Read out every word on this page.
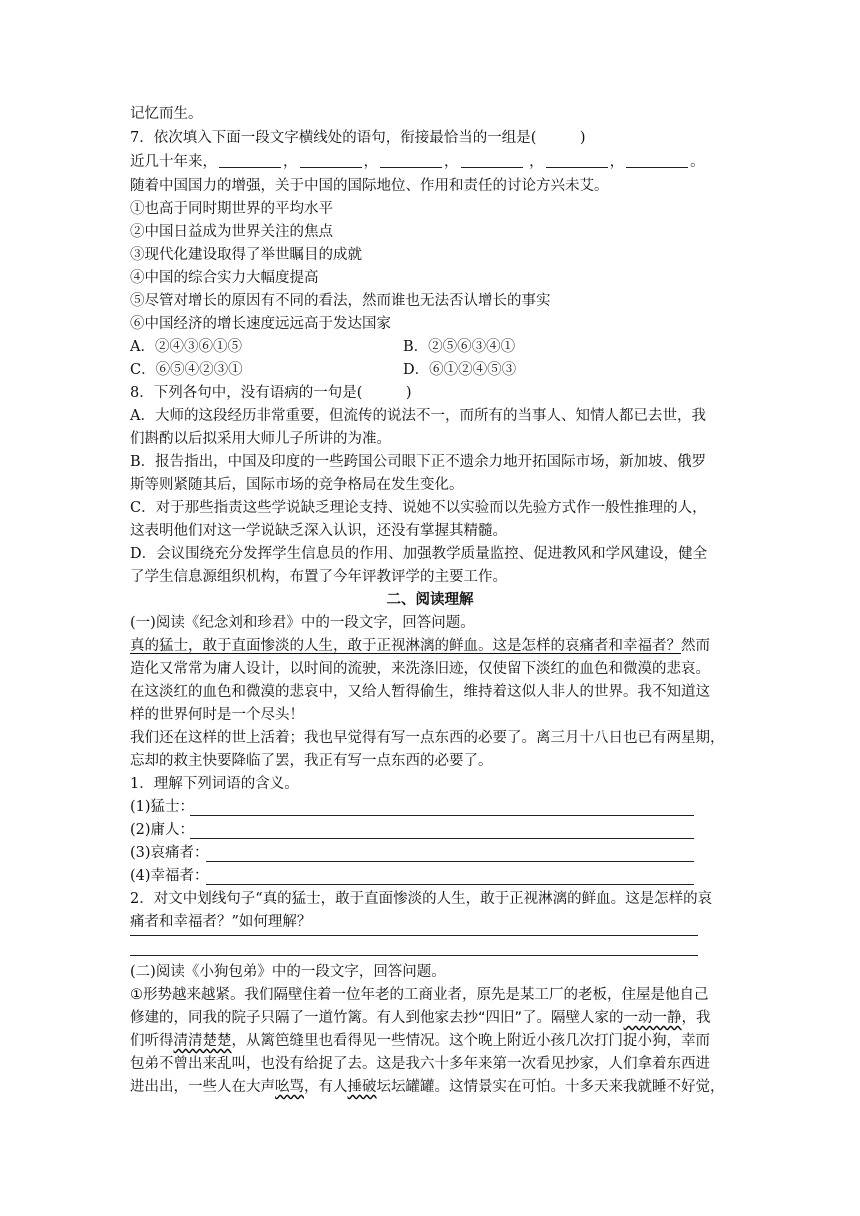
记忆而生。
7．依次填入下面一段文字横线处的语句，衔接最恰当的一组是(　　　)
近几十年来，	，	，	，	，	，	。
随着中国国力的增强，关于中国的国际地位、作用和责任的讨论方兴未艾。
①也高于同时期世界的平均水平
②中国日益成为世界关注的焦点
③现代化建设取得了举世瞩目的成就
④中国的综合实力大幅度提高
⑤尽管对增长的原因有不同的看法，然而谁也无法否认增长的事实
⑥中国经济的增长速度远远高于发达国家
A．②④③⑥①⑤	B．②⑤⑥③④①
C．⑥⑤④②③①	D．⑥①②④⑤③
8．下列各句中，没有语病的一句是(　　　)
A．大师的这段经历非常重要，但流传的说法不一，而所有的当事人、知情人都已去世，我
们斟酌以后拟采用大师儿子所讲的为准。
B．报告指出，中国及印度的一些跨国公司眼下正不遗余力地开拓国际市场，新加坡、俄罗
斯等则紧随其后，国际市场的竞争格局在发生变化。
C．对于那些指责这些学说缺乏理论支持、说她不以实验而以先验方式作一般性推理的人，
这表明他们对这一学说缺乏深入认识，还没有掌握其精髓。
D．会议围绕充分发挥学生信息员的作用、加强教学质量监控、促进教风和学风建设，健全
了学生信息源组织机构，布置了今年评教评学的主要工作。
二、阅读理解
(一)阅读《纪念刘和珍君》中的一段文字，回答问题。
真的猛士，敢于直面惨淡的人生，敢于正视淋漓的鲜血。这是怎样的哀痛者和幸福者？然而
造化又常常为庸人设计，以时间的流驶，来洗涤旧迹，仅使留下淡红的血色和微漠的悲哀。
在这淡红的血色和微漠的悲哀中，又给人暂得偷生，维持着这似人非人的世界。我不知道这
样的世界何时是一个尽头！
我们还在这样的世上活着；我也早觉得有写一点东西的必要了。离三月十八日也已有两星期，
忘却的救主快要降临了罢，我正有写一点东西的必要了。
1．理解下列词语的含义。
(1)猛士：
(2)庸人：
(3)哀痛者：
(4)幸福者：
2．对文中划线句子“真的猛士，敢于直面惨淡的人生，敢于正视淋漓的鲜血。这是怎样的哀
痛者和幸福者？”如何理解？
(二)阅读《小狗包弟》中的一段文字，回答问题。
①形势越来越紧。我们隔壁住着一位年老的工商业者，原先是某工厂的老板，住屋是他自己
修建的，同我的院子只隔了一道竹篱。有人到他家去抄“四旧”了。隔壁人家的一动一静，我
们听得清清楚楚，从篱笆缝里也看得见一些情况。这个晚上附近小孩几次打门捉小狗，幸而
包弟不曾出来乱叫，也没有给捉了去。这是我六十多年来第一次看见抄家，人们拿着东西进
进出出，一些人在大声吆骂，有人捶破坛坛罐罐。这情景实在可怕。十多天来我就睡不好觉，
